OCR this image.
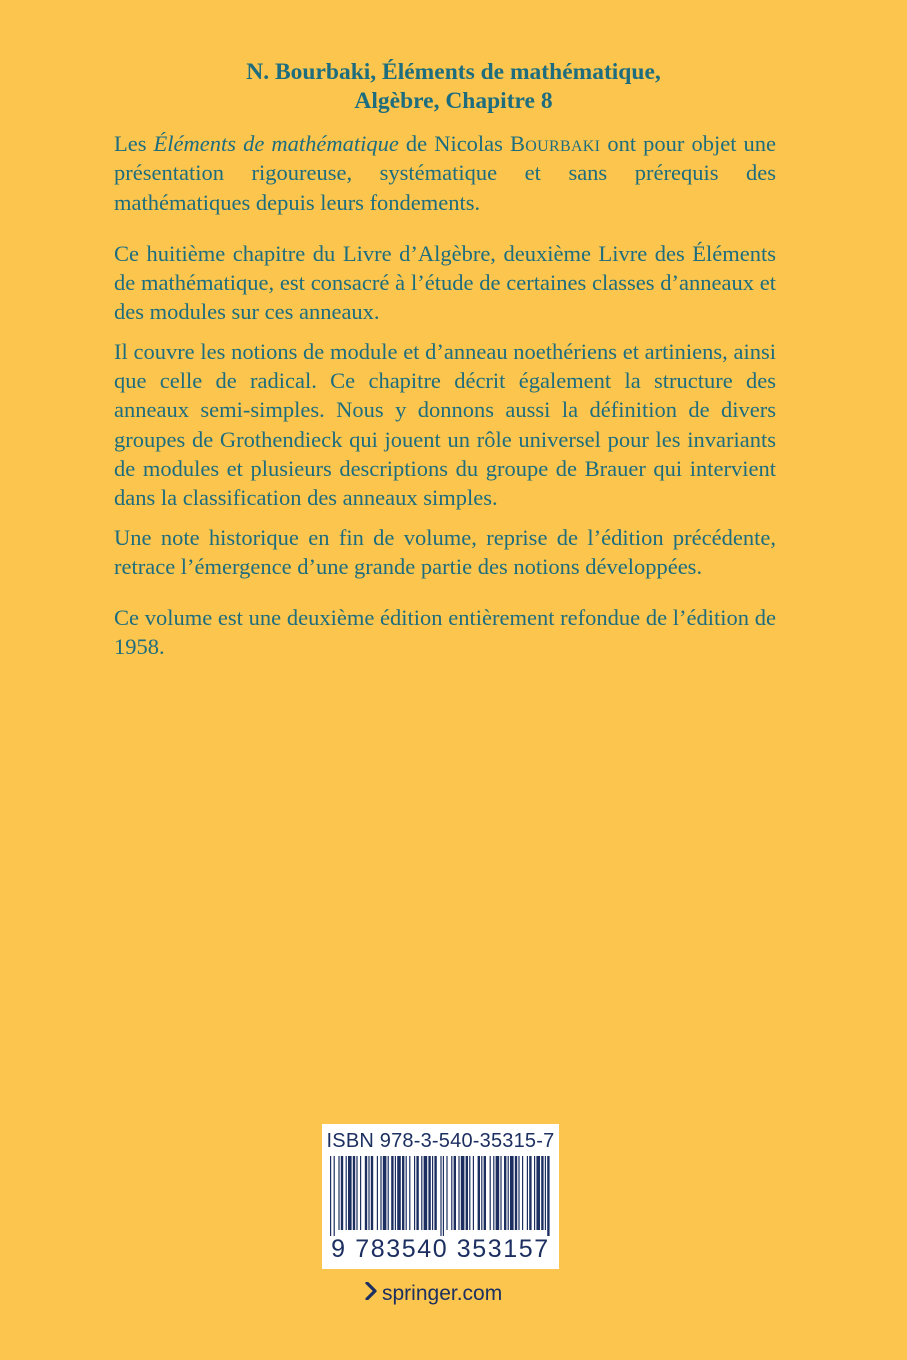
N. Bourbaki, Éléments de mathématique,
Algèbre, Chapitre 8

Les Éléments de mathématique de Nicolas Bourbaki ont pour objet une présentation rigoureuse, systématique et sans prérequis des mathématiques depuis leurs fondements.

Ce huitième chapitre du Livre d’Algèbre, deuxième Livre des Éléments de mathématique, est consacré à l’étude de certaines classes d’anneaux et des modules sur ces anneaux.

Il couvre les notions de module et d’anneau noethériens et artiniens, ainsi que celle de radical. Ce chapitre décrit également la structure des anneaux semi-simples. Nous y donnons aussi la définition de divers groupes de Grothendieck qui jouent un rôle universel pour les invariants de modules et plusieurs descriptions du groupe de Brauer qui intervient dans la classification des anneaux simples.

Une note historique en fin de volume, reprise de l’édition précédente, retrace l’émergence d’une grande partie des notions développées.

Ce volume est une deuxième édition entièrement refondue de l’édition de 1958.

ISBN 978-3-540-35315-7
9 783540 353157
springer.com
